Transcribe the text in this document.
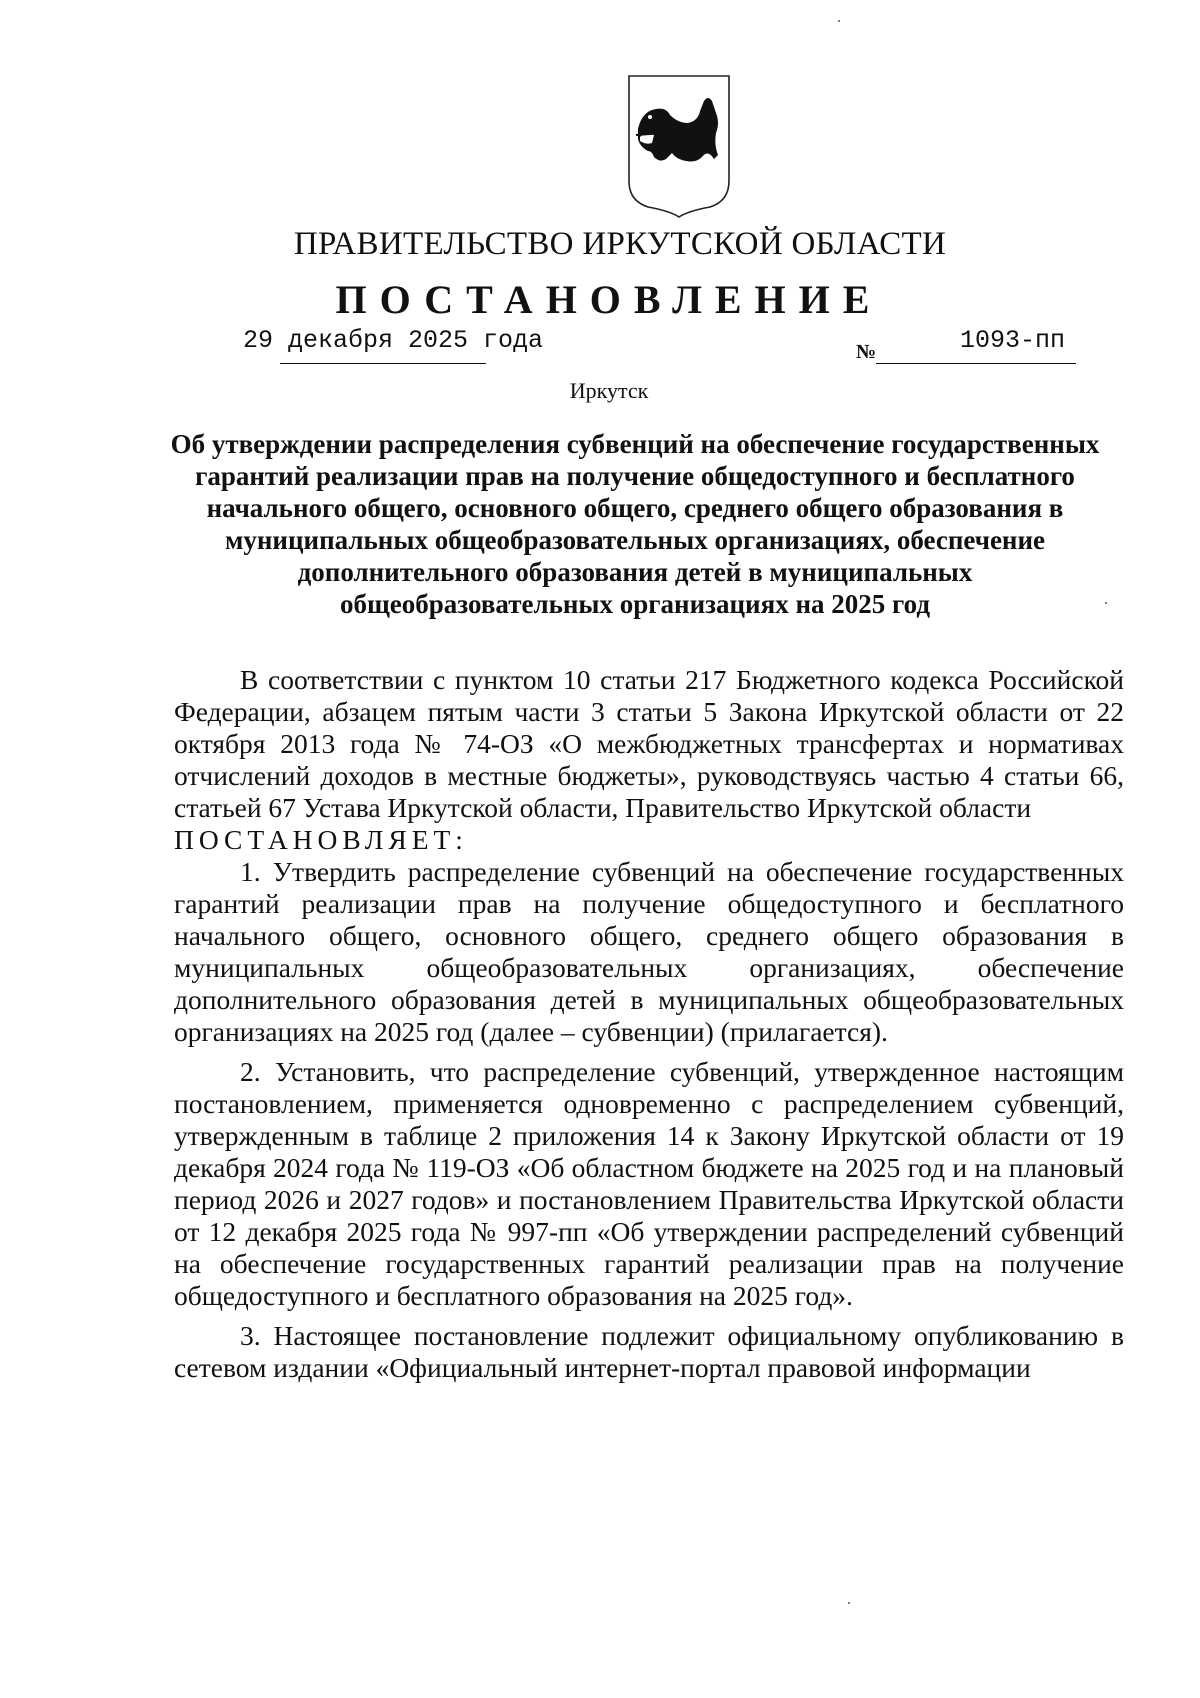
ПРАВИТЕЛЬСТВО ИРКУТСКОЙ ОБЛАСТИ
ПОСТАНОВЛЕНИЕ
29 декабря 2025 года	№	1093-пп
Иркутск
Об утверждении распределения субвенций на обеспечение государственных гарантий реализации прав на получение общедоступного и бесплатного начального общего, основного общего, среднего общего образования в муниципальных общеобразовательных организациях, обеспечение дополнительного образования детей в муниципальных общеобразовательных организациях на 2025 год

В соответствии с пунктом 10 статьи 217 Бюджетного кодекса Российской Федерации, абзацем пятым части 3 статьи 5 Закона Иркутской области от 22 октября 2013 года № 74-ОЗ «О межбюджетных трансфертах и нормативах отчислений доходов в местные бюджеты», руководствуясь частью 4 статьи 66, статьей 67 Устава Иркутской области, Правительство Иркутской области

ПОСТАНОВЛЯЕТ:

1. Утвердить распределение субвенций на обеспечение государственных гарантий реализации прав на получение общедоступного и бесплатного начального общего, основного общего, среднего общего образования в муниципальных общеобразовательных организациях, обеспечение дополнительного образования детей в муниципальных общеобразовательных организациях на 2025 год (далее – субвенции) (прилагается).

2. Установить, что распределение субвенций, утвержденное настоящим постановлением, применяется одновременно с распределением субвенций, утвержденным в таблице 2 приложения 14 к Закону Иркутской области от 19 декабря 2024 года № 119-ОЗ «Об областном бюджете на 2025 год и на плановый период 2026 и 2027 годов» и постановлением Правительства Иркутской области от 12 декабря 2025 года № 997-пп «Об утверждении распределений субвенций на обеспечение государственных гарантий реализации прав на получение общедоступного и бесплатного образования на 2025 год».

3. Настоящее постановление подлежит официальному опубликованию в сетевом издании «Официальный интернет-портал правовой информации
